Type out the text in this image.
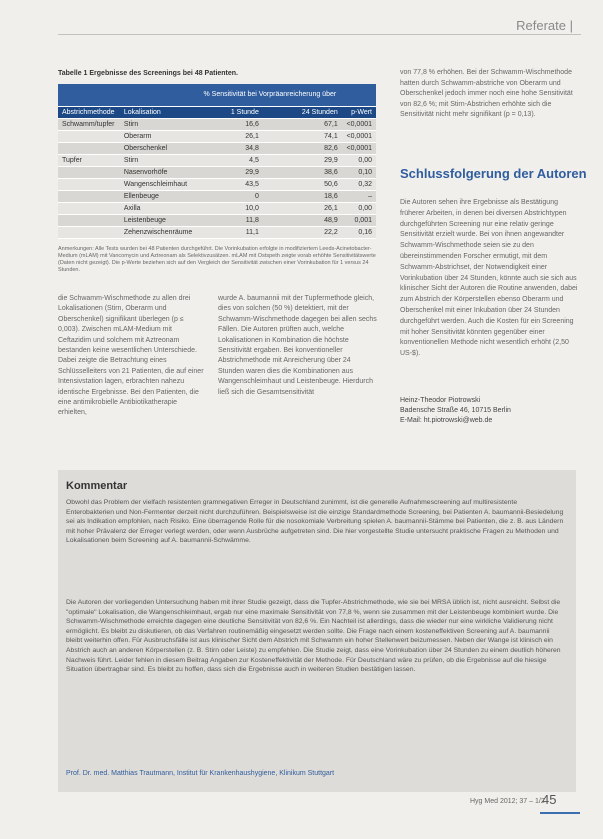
Referate |
Tabelle 1 Ergebnisse des Screenings bei 48 Patienten.
		% Sensitivität bei Vorpräanreicherung über		
Abstrichmethode	Lokalisation	1 Stunde	24 Stunden	p-Wert
Schwamm/tupfer	Stirn	16,6	67,1	<0,0001
	Oberarm	26,1	74,1	<0,0001
	Oberschenkel	34,8	82,6	<0,0001
Tupfer	Stirn	4,5	29,9	0,00
	Nasenvorhöfe	29,9	38,6	0,10
	Wangenschleimhaut	43,5	50,6	0,32
	Ellenbeuge	0	18,6	–
	Axilla	10,0	26,1	0,00
	Leistenbeuge	11,8	48,9	0,001
	Zehenzwischenräume	11,1	22,2	0,16
Anmerkungen: Alle Tests wurden bei 48 Patienten durchgeführt. Die Vorinkubation erfolgte in modifiziertem Leeds-Acinetobacter-Medium (mLAM) mit Vancomycin und Aztreonam als Selektivzusätzen. mLAM mit Ostspeth zeigte vorab erhöhte Sensitivitätswerte (Daten nicht gezeigt). Die p-Werte beziehen sich auf den Vergleich der Sensitivität zwischen einer Vorinkubation für 1 versus 24 Stunden.
von 77,8 % erhöhen. Bei der Schwamm-Wischmethode hatten durch Schwamm-abstriche von Oberarm und Oberschenkel jedoch immer noch eine hohe Sensitivität von 82,6 %; mit Stirn-Abstrichen erhöhte sich die Sensitivität nicht mehr signifikant (p = 0,13).
Schlussfolgerung der Autoren
Die Autoren sehen ihre Ergebnisse als Bestätigung früherer Arbeiten, in denen bei diversen Abstrichtypen durchgeführten Screening nur eine relativ geringe Sensitivität erzielt wurde. Bei von ihnen angewandter Schwamm-Wischmethode seien sie zu den übereinstimmenden Forscher ermutigt, mit dem Schwamm-Abstrichset, der Notwendigkeit einer Vorinkubation über 24 Stunden, könnte auch sie sich aus klinischer Sicht der Autoren die Routine anwenden, dabei zum Abstrich der Körperstellen ebenso Oberarm und Oberschenkel mit einer Inkubation über 24 Stunden durchgeführt werden. Auch die Kosten für ein Screening mit hoher Sensitivität könnten gegenüber einer konventionellen Methode nicht wesentlich erhöht (2,50 US-$).
Heinz-Theodor Piotrowski
Badensche Straße 46, 10715 Berlin
E-Mail: ht.piotrowski@web.de
die Schwamm-Wischmethode zu allen drei Lokalisationen (Stirn, Oberarm und Oberschenkel) signifikant überlegen (p ≤ 0,003). Zwischen mLAM-Medium mit Ceftazidim und solchem mit Aztreonam bestanden keine wesentlichen Unterschiede. Dabei zeigte die Betrachtung eines Schlüsselleiters von 21 Patienten, die auf einer Intensivstation lagen, erbrachten nahezu identische Ergebnisse. Bei den Patienten, die eine antimikrobielle Antibiotikatherapie erhielten,
wurde A. baumannii mit der Tupfermethode gleich, dies von solchen (50 %) detektiert, mit der Schwamm-Wischmethode dagegen bei allen sechs Fällen. Die Autoren prüften auch, welche Lokalisationen in Kombination die höchste Sensitivität ergaben. Bei konventioneller Abstrichmethode mit Anreicherung über 24 Stunden waren dies die Kombinationen aus Wangenschleimhaut und Leistenbeuge. Hierdurch ließ sich die Gesamtsensitivität
Kommentar
Obwohl das Problem der vielfach resistenten gramnegativen Erreger in Deutschland zunimmt, ist die generelle Aufnahmescreening auf multiresistente Enterobakterien und Non-Fermenter derzeit nicht durchzuführen. Beispielsweise ist die einzige Standardmethode Screening, bei Patienten A. baumannii-Besiedelung sei als Indikation empfohlen, nach Risiko. Eine überragende Rolle für die nosokomiale Verbreitung spielen A. baumannii-Stämme bei Patienten, die z. B. aus Ländern mit hoher Prävalenz der Erreger verlegt werden, oder wenn Ausbrüche aufgetreten sind. Die hier vorgestellte Studie untersucht praktische Fragen zu Methoden und Lokalisationen beim Screening auf A. baumannii-Schwämme.
Die Autoren der vorliegenden Untersuchung haben mit ihrer Studie gezeigt, dass die Tupfer-Abstrichmethode, wie sie bei MRSA üblich ist, nicht ausreicht. Selbst die "optimale" Lokalisation, die Wangenschleimhaut, ergab nur eine maximale Sensitivität von 77,8 %, wenn sie zusammen mit der Leistenbeuge kombiniert wurde. Die Schwamm-Wischmethode erreichte dagegen eine deutliche Sensitivität von 82,6 %. Ein Nachteil ist allerdings, dass die wieder nur eine wirkliche Validierung nicht ermöglicht. Es bleibt zu diskutieren, ob das Verfahren routinemäßig eingesetzt werden sollte. Die Frage nach einem kosteneffektiven Screening auf A. baumannii bleibt weiterhin offen. Für Ausbruchsfälle ist aus klinischer Sicht dem Abstrich mit Schwamm ein hoher Stellenwert beizumessen. Neben der Wange ist klinisch ein Abstrich auch an anderen Körperstellen (z. B. Stirn oder Leiste) zu empfehlen. Die Studie zeigt, dass eine Vorinkubation über 24 Stunden zu einem deutlich höheren Nachweis führt. Leider fehlen in diesem Beitrag Angaben zur Kosteneffektivität der Methode. Für Deutschland wäre zu prüfen, ob die Ergebnisse auf die hiesige Situation übertragbar sind. Es bleibt zu hoffen, dass sich die Ergebnisse auch in weiteren Studien bestätigen lassen.
Prof. Dr. med. Matthias Trautmann, Institut für Krankenhaushygiene, Klinikum Stuttgart
Hyg Med 2012; 37 – 1/2
45
